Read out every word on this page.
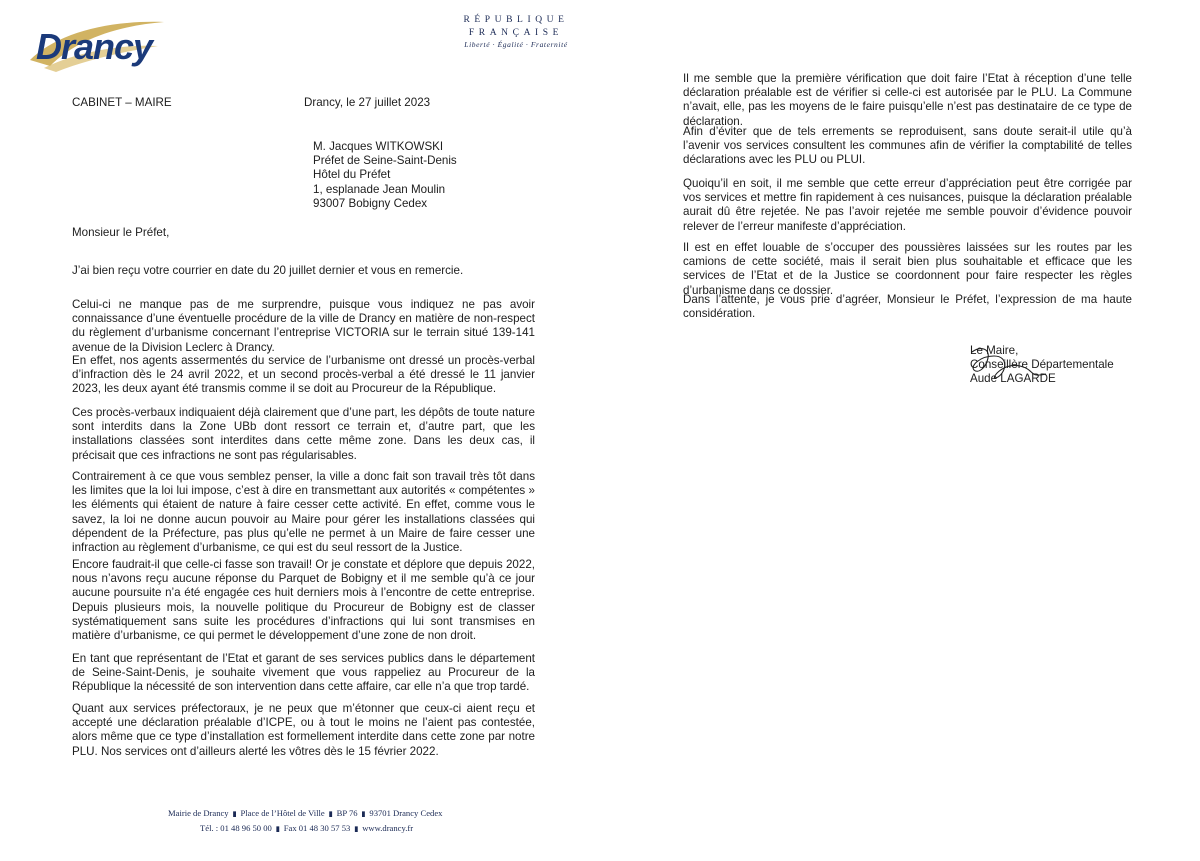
Drancy
RÉPUBLIQUE
FRANÇAISE
Liberté · Égalité · Fraternité
CABINET – MAIRE	Drancy, le 27 juillet 2023
M. Jacques WITKOWSKI
Préfet de Seine-Saint-Denis
Hôtel du Préfet
1, esplanade Jean Moulin
93007 Bobigny Cedex
Monsieur le Préfet,
J’ai bien reçu votre courrier en date du 20 juillet dernier et vous en remercie.
Celui-ci ne manque pas de me surprendre, puisque vous indiquez ne pas avoir connaissance d’une éventuelle procédure de la ville de Drancy en matière de non-respect du règlement d’urbanisme concernant l’entreprise VICTORIA sur le terrain situé 139-141 avenue de la Division Leclerc à Drancy.
En effet, nos agents assermentés du service de l’urbanisme ont dressé un procès-verbal d’infraction dès le 24 avril 2022, et un second procès-verbal a été dressé le 11 janvier 2023, les deux ayant été transmis comme il se doit au Procureur de la République.
Ces procès-verbaux indiquaient déjà clairement que d’une part, les dépôts de toute nature sont interdits dans la Zone UBb dont ressort ce terrain et, d’autre part, que les installations classées sont interdites dans cette même zone. Dans les deux cas, il précisait que ces infractions ne sont pas régularisables.
Contrairement à ce que vous semblez penser, la ville a donc fait son travail très tôt dans les limites que la loi lui impose, c’est à dire en transmettant aux autorités « compétentes » les éléments qui étaient de nature à faire cesser cette activité. En effet, comme vous le savez, la loi ne donne aucun pouvoir au Maire pour gérer les installations classées qui dépendent de la Préfecture, pas plus qu’elle ne permet à un Maire de faire cesser une infraction au règlement d’urbanisme, ce qui est du seul ressort de la Justice.
Encore faudrait-il que celle-ci fasse son travail! Or je constate et déplore que depuis 2022, nous n’avons reçu aucune réponse du Parquet de Bobigny et il me semble qu’à ce jour aucune poursuite n’a été engagée ces huit derniers mois à l’encontre de cette entreprise. Depuis plusieurs mois, la nouvelle politique du Procureur de Bobigny est de classer systématiquement sans suite les procédures d’infractions qui lui sont transmises en matière d’urbanisme, ce qui permet le développement d’une zone de non droit.
En tant que représentant de l’Etat et garant de ses services publics dans le département de Seine-Saint-Denis, je souhaite vivement que vous rappeliez au Procureur de la République la nécessité de son intervention dans cette affaire, car elle n’a que trop tardé.
Quant aux services préfectoraux, je ne peux que m’étonner que ceux-ci aient reçu et accepté une déclaration préalable d’ICPE, ou à tout le moins ne l’aient pas contestée, alors même que ce type d’installation est formellement interdite dans cette zone par notre PLU. Nos services ont d’ailleurs alerté les vôtres dès le 15 février 2022.
Mairie de Drancy ▮ Place de l’Hôtel de Ville ▮ BP 76 ▮ 93701 Drancy Cedex
Tél. : 01 48 96 50 00 ▮ Fax 01 48 30 57 53 ▮ www.drancy.fr
Il me semble que la première vérification que doit faire l’Etat à réception d’une telle déclaration préalable est de vérifier si celle-ci est autorisée par le PLU. La Commune n’avait, elle, pas les moyens de le faire puisqu’elle n’est pas destinataire de ce type de déclaration.
Afin d’éviter que de tels errements se reproduisent, sans doute serait-il utile qu’à l’avenir vos services consultent les communes afin de vérifier la comptabilité de telles déclarations avec les PLU ou PLUI.
Quoiqu’il en soit, il me semble que cette erreur d’appréciation peut être corrigée par vos services et mettre fin rapidement à ces nuisances, puisque la déclaration préalable aurait dû être rejetée. Ne pas l’avoir rejetée me semble pouvoir d’évidence pouvoir relever de l’erreur manifeste d’appréciation.
Il est en effet louable de s’occuper des poussières laissées sur les routes par les camions de cette société, mais il serait bien plus souhaitable et efficace que les services de l’Etat et de la Justice se coordonnent pour faire respecter les règles d’urbanisme dans ce dossier.
Dans l’attente, je vous prie d’agréer, Monsieur le Préfet, l’expression de ma haute considération.
Le Maire,
Conseillère Départementale
Aude LAGARDE
